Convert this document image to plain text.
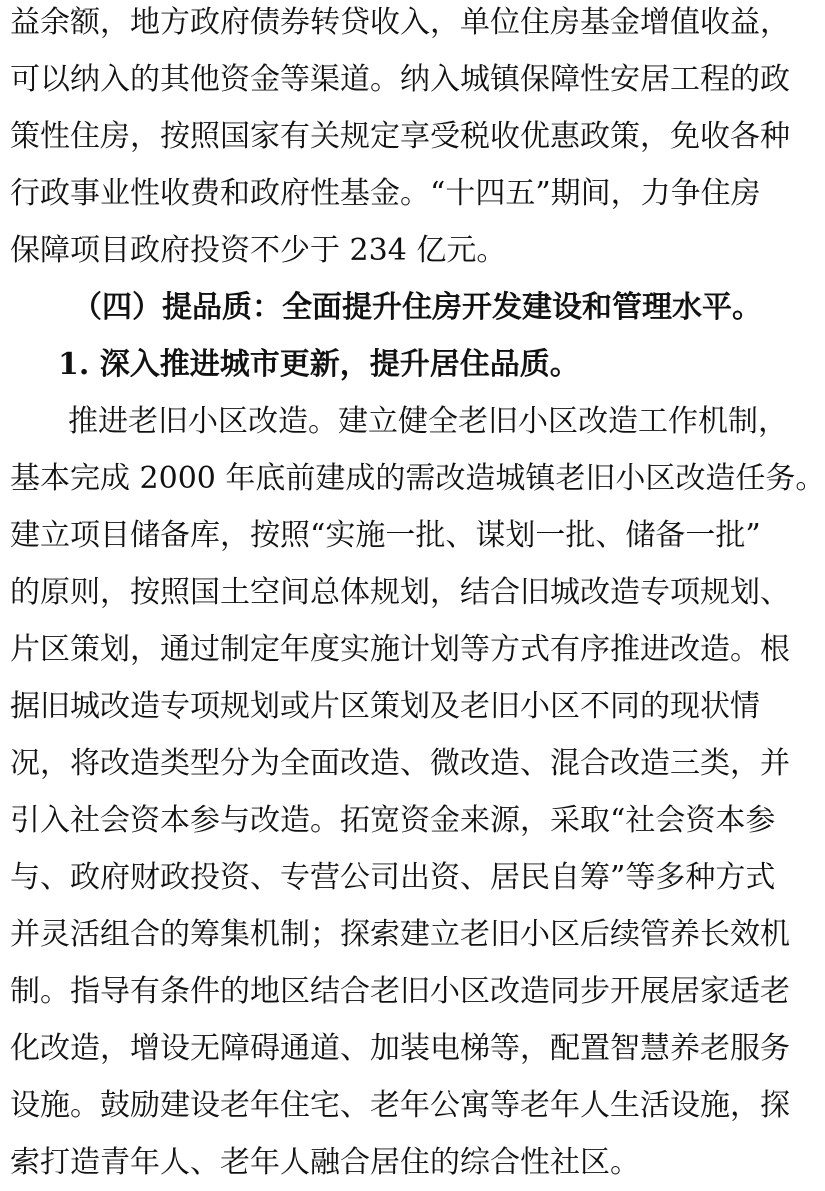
益余额，地方政府债券转贷收入，单位住房基金增值收益，
可以纳入的其他资金等渠道。纳入城镇保障性安居工程的政
策性住房，按照国家有关规定享受税收优惠政策，免收各种
行政事业性收费和政府性基金。“十四五”期间，力争住房
保障项目政府投资不少于 234 亿元。
（四）提品质：全面提升住房开发建设和管理水平。
1. 深入推进城市更新，提升居住品质。
推进老旧小区改造。建立健全老旧小区改造工作机制，
基本完成 2000 年底前建成的需改造城镇老旧小区改造任务。
建立项目储备库，按照“实施一批、谋划一批、储备一批”
的原则，按照国土空间总体规划，结合旧城改造专项规划、
片区策划，通过制定年度实施计划等方式有序推进改造。根
据旧城改造专项规划或片区策划及老旧小区不同的现状情
况，将改造类型分为全面改造、微改造、混合改造三类，并
引入社会资本参与改造。拓宽资金来源，采取“社会资本参
与、政府财政投资、专营公司出资、居民自筹”等多种方式
并灵活组合的筹集机制；探索建立老旧小区后续管养长效机
制。指导有条件的地区结合老旧小区改造同步开展居家适老
化改造，增设无障碍通道、加装电梯等，配置智慧养老服务
设施。鼓励建设老年住宅、老年公寓等老年人生活设施，探
索打造青年人、老年人融合居住的综合性社区。
